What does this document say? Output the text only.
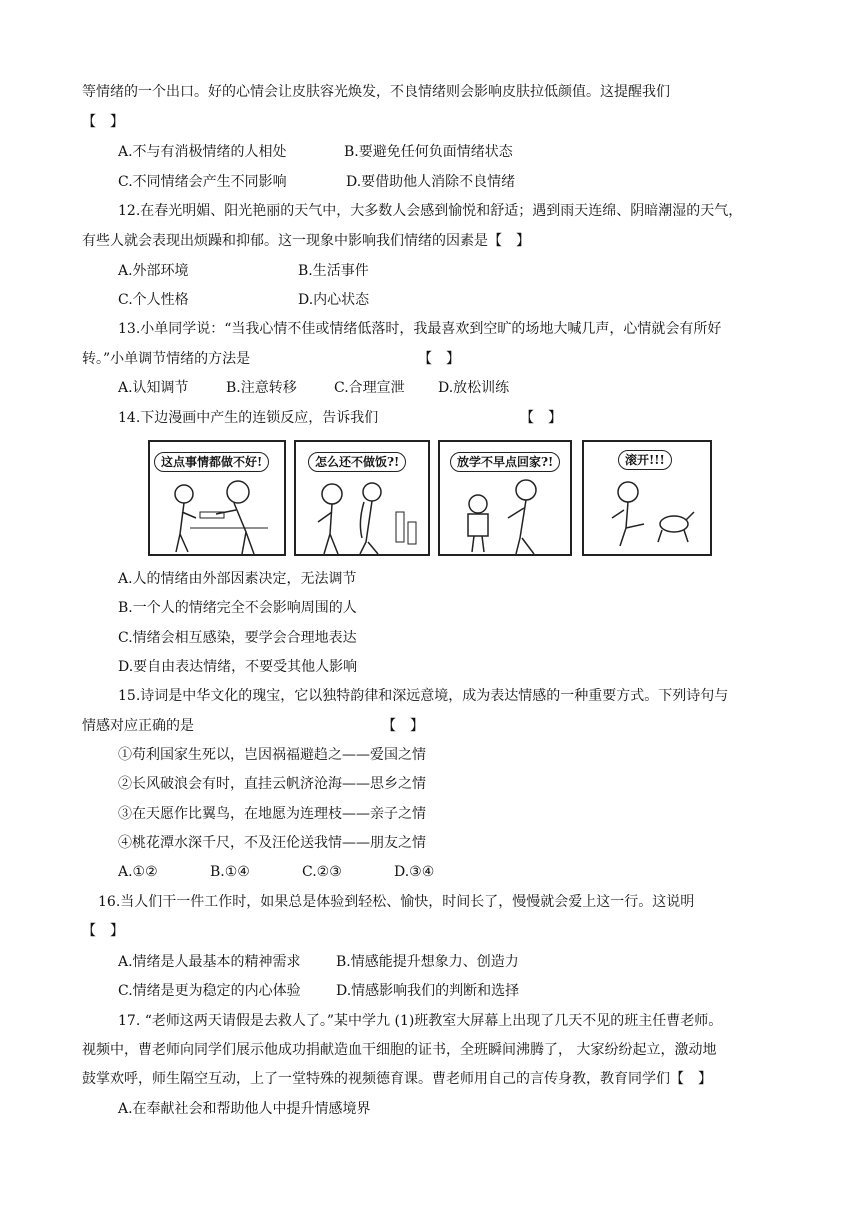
等情绪的一个出口。好的心情会让皮肤容光焕发，不良情绪则会影响皮肤拉低颜值。这提醒我们
【　】
A.不与有消极情绪的人相处	B.要避免任何负面情绪状态
C.不同情绪会产生不同影响	D.要借助他人消除不良情绪
12.在春光明媚、阳光艳丽的天气中，大多数人会感到愉悦和舒适；遇到雨天连绵、阴暗潮湿的天气，
有些人就会表现出烦躁和抑郁。这一现象中影响我们情绪的因素是【　】
A.外部环境	B.生活事件
C.个人性格	D.内心状态
13.小单同学说：“当我心情不佳或情绪低落时，我最喜欢到空旷的场地大喊几声，心情就会有所好
转。”小单调节情绪的方法是	【　】
A.认知调节	B.注意转移	C.合理宣泄 D.放松训练
14.下边漫画中产生的连锁反应，告诉我们	【　】
这点事情都做不好!	怎么还不做饭?!	放学不早点回家?!	滚开!!!
A.人的情绪由外部因素决定，无法调节
B.一个人的情绪完全不会影响周围的人
C.情绪会相互感染，要学会合理地表达
D.要自由表达情绪，不要受其他人影响
15.诗词是中华文化的瑰宝，它以独特韵律和深远意境，成为表达情感的一种重要方式。下列诗句与
情感对应正确的是	【　】
①苟利国家生死以，岂因祸福避趋之——爱国之情
②长风破浪会有时，直挂云帆济沧海——思乡之情
③在天愿作比翼鸟，在地愿为连理枝——亲子之情
④桃花潭水深千尺，不及汪伦送我情——朋友之情
A.①②	B.①④	C.②③	D.③④
16.当人们干一件工作时，如果总是体验到轻松、愉快，时间长了，慢慢就会爱上这一行。这说明
【　】
A.情绪是人最基本的精神需求	B.情感能提升想象力、创造力
C.情绪是更为稳定的内心体验	D.情感影响我们的判断和选择
17. “老师这两天请假是去救人了。”某中学九 (1)班教室大屏幕上出现了几天不见的班主任曹老师。
视频中，曹老师向同学们展示他成功捐献造血干细胞的证书，全班瞬间沸腾了， 大家纷纷起立，激动地
鼓掌欢呼，师生隔空互动，上了一堂特殊的视频德育课。曹老师用自己的言传身教，教育同学们【　】
A.在奉献社会和帮助他人中提升情感境界
